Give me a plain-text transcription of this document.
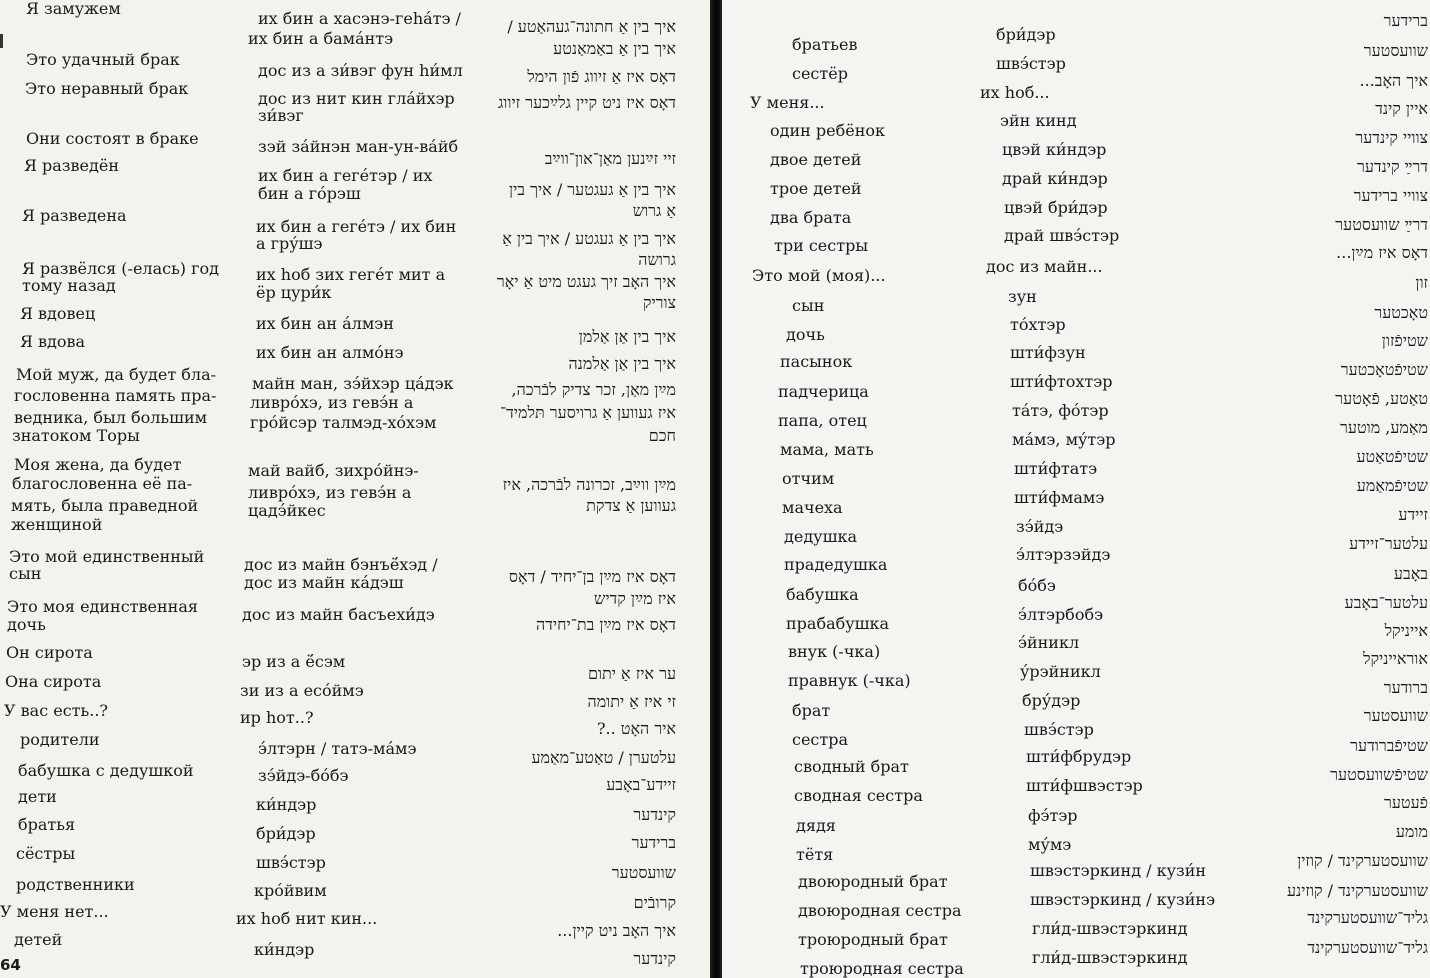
Я замужем
Это удачный брак
Это неравный брак
Они состоят в браке
Я разведён
Я разведена
Я развёлся (-елась) год
тому назад
Я вдовец
Я вдова
Мой муж, да будет бла-
гословенна память пра-
ведника, был большим
знатоком Торы
Моя жена, да будет
благословенна её па-
мять, была праведной
женщиной
Это мой единственный
сын
Это моя единственная
дочь
Он сирота
Она сирота
У вас есть..?
родители
бабушка с дедушкой
дети
братья
сёстры
родственники
У меня нет...
детей
их бин а хасэнэ-геhа́тэ /
их бин а бама́нтэ
дос из а зи́вэг фун hи́мл
дос из нит кин гла́йхэр
зи́вэг
зэй за́йнэн ман-ун-ва́йб
их бин а геге́тэр / их
бин а го́рэш
их бин а геге́тэ / их бин
а гру́шэ
их hоб зих геге́т мит а
ёр цури́к
их бин ан а́лмэн
их бин ан алмо́нэ
майн ман, зэ́йхэр ца́дэк
ливро́хэ, из гевэ́н а
гро́йсэр талмэд-хо́хэм
май вайб, зихро́йнэ-
ливро́хэ, из гевэ́н а
цадэ́йкес
дос из майн бэнъё́хэд /
дос из майн ка́дэш
дос из майн басъехи́дэ
эр из а ё́сэм
зи из а есо́ймэ
ир hот..?
э́лтэрн / татэ-ма́мэ
зэ́йдэ-бо́бэ
ки́ндэр
бри́дэр
швэ́стэр
кро́йвим
их hоб нит кин...
ки́ндэр
איך בין אַ חתונה־געהאַטע /
איך בין אַ באַמאַנטע
דאָס איז אַ זיווג פֿון הימל
דאָס איז ניט קיין גלײַכער זיווג
זיי זײַנען מאַן־און־ווײַב
איך בין אַ געגטער / איך בין
אַ גרוש
איך בין אַ געגטע / איך בין אַ
גרושה
איך האָב זיך געגט מיט אַ יאָר
צוריק
איך בין אַן אַלמן
איך בין אַן אַלמנה
מײַן מאַן, זכר צדיק לבֿרכה,
איז געווען אַ גרויסער תּלמיד־
חכם
מײַן ווײַב, זכרונה לבֿרכה, איז
געווען אַ צדקת
דאָס איז מײַן בן־יחיד / דאָס
איז מײַן קדיש
דאָס איז מײַן בת־יחידה
ער איז אַ יתום
זי איז אַ יתומה
איר האָט ..?
עלטערן / טאַטע־מאַמע
זיידע־באָבע
קינדער
ברידער
שוועסטער
קרובֿים
איך האָב ניט קיין...
קינדער
64
братьев
сестёр
У меня...
один ребёнок
двое детей
трое детей
два брата
три сестры
Это мой (моя)...
сын
дочь
пасынок
падчерица
папа, отец
мама, мать
отчим
мачеха
дедушка
прадедушка
бабушка
прабабушка
внук (-чка)
правнук (-чка)
брат
сестра
сводный брат
сводная сестра
дядя
тётя
двоюродный брат
двоюродная сестра
троюродный брат
троюродная сестра
бри́дэр
швэ́стэр
их hоб...
эйн кинд
цвэй ки́ндэр
драй ки́ндэр
цвэй бри́дэр
драй швэ́стэр
дос из майн...
зун
то́хтэр
шти́фзун
шти́фтохтэр
та́тэ, фо́тэр
ма́мэ, му́тэр
шти́фтатэ
шти́фмамэ
зэ́йдэ
э́лтэрзэйдэ
бо́бэ
э́лтэрбобэ
э́йникл
у́рэйникл
бру́дэр
швэ́стэр
шти́фбрудэр
шти́фшвэстэр
фэ́тэр
му́мэ
швэстэркинд / кузи́н
швэстэркинд / кузи́нэ
гли́д-швэстэркинд
гли́д-швэстэркинд
ברידער
שוועסטער
איך האָב...
איין קינד
צוויי קינדער
דרײַ קינדער
צוויי ברידער
דרײַ שוועסטער
דאָס איז מײַן...
זון
טאָכטער
שטיפֿזון
שטיפֿטאָכטער
טאַטע, פֿאָטער
מאַמע, מוטער
שטיפֿטאַטע
שטיפֿמאַמע
זיידע
עלטער־זיידע
באָבע
עלטער־באָבע
אייניקל
אוראייניקל
ברודער
שוועסטער
שטיפֿברודער
שטיפֿשוועסטער
פֿעטער
מומע
שוועסטערקינד / קוזין
שוועסטערקינד / קוזינע
גליד־שוועסטערקינד
גליד־שוועסטערקינד
